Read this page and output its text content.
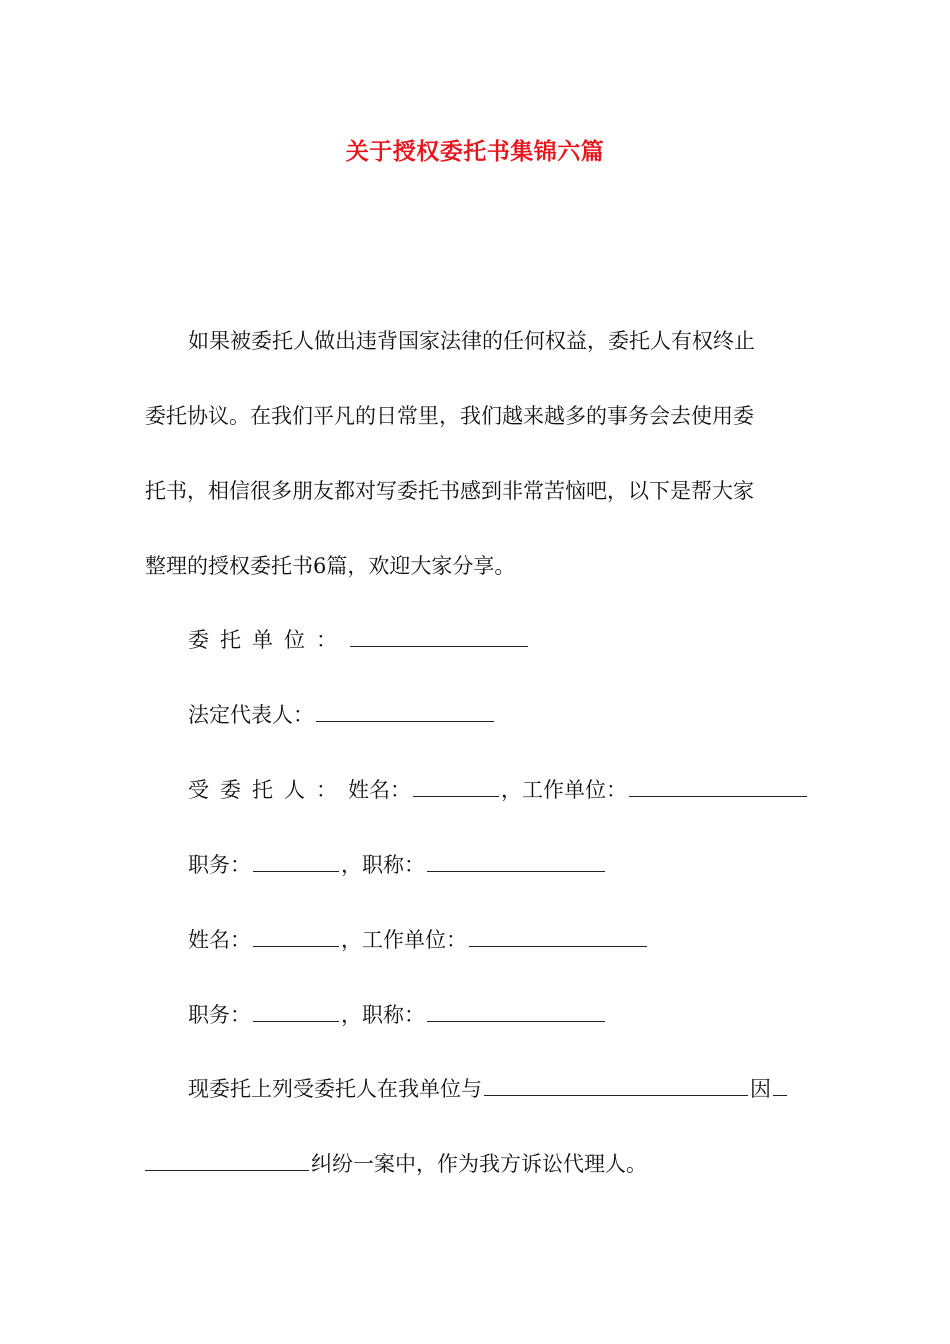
关于授权委托书集锦六篇
如果被委托人做出违背国家法律的任何权益，委托人有权终止
委托协议。在我们平凡的日常里，我们越来越多的事务会去使用委
托书，相信很多朋友都对写委托书感到非常苦恼吧，以下是帮大家
整理的授权委托书6篇，欢迎大家分享。
委托单位：
法定代表人：
受委托人：姓名：	，工作单位：
职务：	，职称：
姓名：	，工作单位：
职务：	，职称：
现委托上列受委托人在我单位与	因
纠纷一案中，作为我方诉讼代理人。
